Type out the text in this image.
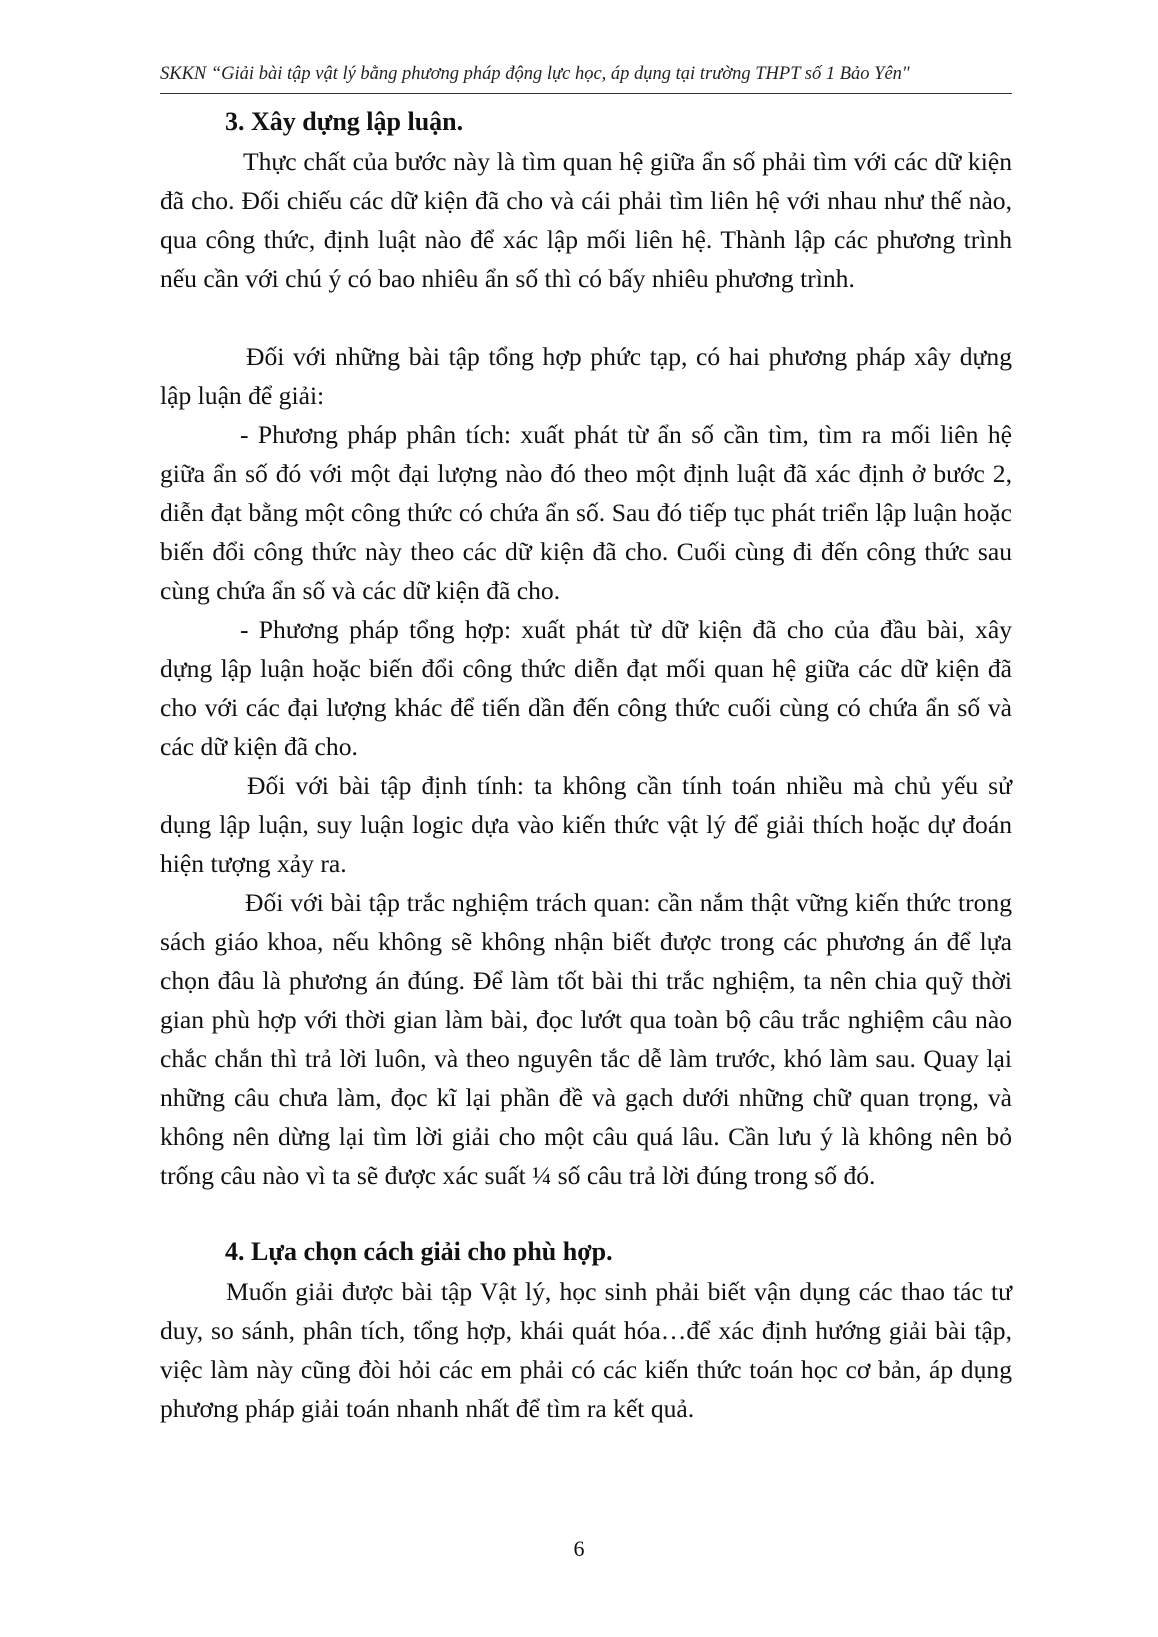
SKKN “Giải bài tập vật lý bằng phương pháp động lực học, áp dụng tại trường THPT số 1 Bảo Yên"
3. Xây dựng lập luận.

Thực chất của bước này là tìm quan hệ giữa ẩn số phải tìm với các dữ kiện đã cho. Đối chiếu các dữ kiện đã cho và cái phải tìm liên hệ với nhau như thế nào, qua công thức, định luật nào để xác lập mối liên hệ. Thành lập các phương trình nếu cần với chú ý có bao nhiêu ẩn số thì có bấy nhiêu phương trình.

Đối với những bài tập tổng hợp phức tạp, có hai phương pháp xây dựng lập luận để giải:

- Phương pháp phân tích: xuất phát từ ẩn số cần tìm, tìm ra mối liên hệ giữa ẩn số đó với một đại lượng nào đó theo một định luật đã xác định ở bước 2, diễn đạt bằng một công thức có chứa ẩn số. Sau đó tiếp tục phát triển lập luận hoặc biến đổi công thức này theo các dữ kiện đã cho. Cuối cùng đi đến công thức sau cùng chứa ẩn số và các dữ kiện đã cho.

- Phương pháp tổng hợp: xuất phát từ dữ kiện đã cho của đầu bài, xây dựng lập luận hoặc biến đổi công thức diễn đạt mối quan hệ giữa các dữ kiện đã cho với các đại lượng khác để tiến dần đến công thức cuối cùng có chứa ẩn số và các dữ kiện đã cho.

Đối với bài tập định tính: ta không cần tính toán nhiều mà chủ yếu sử dụng lập luận, suy luận logic dựa vào kiến thức vật lý để giải thích hoặc dự đoán hiện tượng xảy ra.

Đối với bài tập trắc nghiệm trách quan: cần nắm thật vững kiến thức trong sách giáo khoa, nếu không sẽ không nhận biết được trong các phương án để lựa chọn đâu là phương án đúng. Để làm tốt bài thi trắc nghiệm, ta nên chia quỹ thời gian phù hợp với thời gian làm bài, đọc lướt qua toàn bộ câu trắc nghiệm câu nào chắc chắn thì trả lời luôn, và theo nguyên tắc dễ làm trước, khó làm sau. Quay lại những câu chưa làm, đọc kĩ lại phần đề và gạch dưới những chữ quan trọng, và không nên dừng lại tìm lời giải cho một câu quá lâu. Cần lưu ý là không nên bỏ trống câu nào vì ta sẽ được xác suất ¼ số câu trả lời đúng trong số đó.

4. Lựa chọn cách giải cho phù hợp.

Muốn giải được bài tập Vật lý, học sinh phải biết vận dụng các thao tác tư duy, so sánh, phân tích, tổng hợp, khái quát hóa…để xác định hướng giải bài tập, việc làm này cũng đòi hỏi các em phải có các kiến thức toán học cơ bản, áp dụng phương pháp giải toán nhanh nhất để tìm ra kết quả.

6
